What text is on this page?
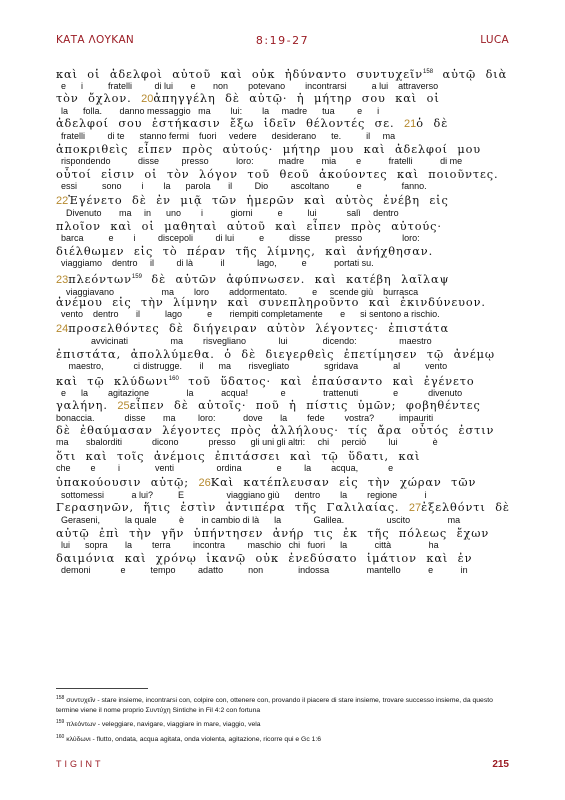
ΚΑΤΑ ΛΟΥΚΑΝ	8:19-27	LUCA
καὶ οἱ ἀδελφοὶ αὐτοῦ καὶ οὐκ ἠδύναντο συντυχεῖν$^{158}$ αὐτῷ διὰ
e      i          fratelli         di lui       e       non        potevano        incontrarsi          a lui    attraverso
τὸν ὄχλον. 20ἀπηγγέλη δὲ αὐτῷ· ἡ μήτηρ σου καὶ οἱ
la      folla.       danno messaggio   ma        lui:        la     madre      tua         e      i
ἀδελφοί σου ἑστήκασιν ἔξω ἰδεῖν θέλοντές σε. 21ὁ δὲ
fratelli         di te      stanno fermi    fuori     vedere      desiderano      te.          il     ma
ἀποκριθεὶς εἶπεν πρὸς αὐτούς· μήτηρ μου καὶ ἀδελφοί μου
rispondendo           disse         presso           loro:          madre       mia        e           fratelli           di me
οὗτοί εἰσιν οἱ τὸν λόγον τοῦ θεοῦ ἀκούοντες καὶ ποιοῦντες.
essi          sono        i        la      parola       il         Dio         ascoltano           e                fanno.
22Ἐγένετο δὲ ἐν μιᾷ τῶν ἡμερῶν καὶ αὐτὸς ἐνέβη εἰς
Divenuto       ma     in      uno        i           giorni          e          lui            salì     dentro
πλοῖον καὶ οἱ μαθηταὶ αὐτοῦ καὶ εἶπεν πρὸς αὐτούς·
barca          e        i         discepoli         di lui          e          disse          presso                loro:
διέλθωμεν εἰς τὸ πέραν τῆς λίμνης, καὶ ἀνήχθησαν.
viaggiamo    dentro     il         di là           il             lago,          e           portati su.
23πλεόντων$^{159}$ δὲ αὐτῶν ἀφύπνωσεν. καὶ κατέβη λαῖλαψ
viaggiavano                   ma        loro        addormentato.          e     scende giù    burrasca
ἀνέμου εἰς τὴν λίμνην καὶ συνεπληροῦντο καὶ ἐκινδύνευον.
vento    dentro       il          lago          e       riempiti completamente       e      si sentono a rischio.
24προσελθόντες δὲ διήγειραν αὐτὸν λέγοντες· ἐπιστάτα
avvicinati                 ma        risvegliano             lui              dicendo:                 maestro
ἐπιστάτα, ἀπολλύμεθα. ὁ δὲ διεγερθεὶς ἐπετίμησεν τῷ ἀνέμῳ
maestro,            ci distrugge.       il      ma       risvegliato              sgridava              al          vento
καὶ τῷ κλύδωνι$^{160}$ τοῦ ὕδατος· καὶ ἐπαύσαντο καὶ ἐγένετο
e      la        agitazione               la           acqua!             e               trattenuti              e            divenuto
γαλήνη. 25εἶπεν δὲ αὐτοῖς· ποῦ ἡ πίστις ὑμῶν; φοβηθέντες
bonaccia.            disse       ma         loro:           dove       la        fede        vostra?          impauriti
δὲ ἐθαύμασαν λέγοντες πρὸς ἀλλήλους· τίς ἄρα οὗτός ἐστιν
ma       sbalorditi            dicono            presso      gli uni gli altri:     chi     perciò         lui              è
ὅτι καὶ τοῖς ἀνέμοις ἐπιτάσσει καὶ τῷ ὕδατι, καὶ
che        e         i              venti                 ordina              e         la        acqua,            e
ὑπακούουσιν αὐτῷ; 26Καὶ κατέπλευσαν εἰς τὴν χώραν τῶν
sottomessi           a lui?          E                 viaggiano giù      dentro        la        regione           i
Γερασηνῶν, ἥτις ἐστὶν ἀντιπέρα τῆς Γαλιλαίας. 27ἐξελθόντι δὲ
Geraseni,          la quale         è       in cambio di là      la             Galilea.                 uscito               ma
αὐτῷ ἐπὶ τὴν γῆν ὑπήντησεν ἀνήρ τις ἐκ τῆς πόλεως ἔχων
lui      sopra       la        terra         incontra         maschio   chi   fuori      la           città               ha
δαιμόνια καὶ χρόνῳ ἱκανῷ οὐκ ἐνεδύσατο ἱμάτιον καὶ ἐν
demoni            e          tempo         adatto          non              indossa               mantello           e           in

$^{158}$ συντυχεῖν - stare insieme, incontrarsi con, colpire con, ottenere con, provando il piacere di stare insieme, trovare successo insieme, da questo termine viene il nome proprio Συντύχη Sintiche in Fil 4:2 con fortuna

$^{159}$ πλεόντων - veleggiare, navigare, viaggiare in mare, viaggio, vela

$^{160}$ κλύδωνι - flutto, ondata, acqua agitata, onda violenta, agitazione, ricorre qui e Gc 1:6

TIGINT	215
